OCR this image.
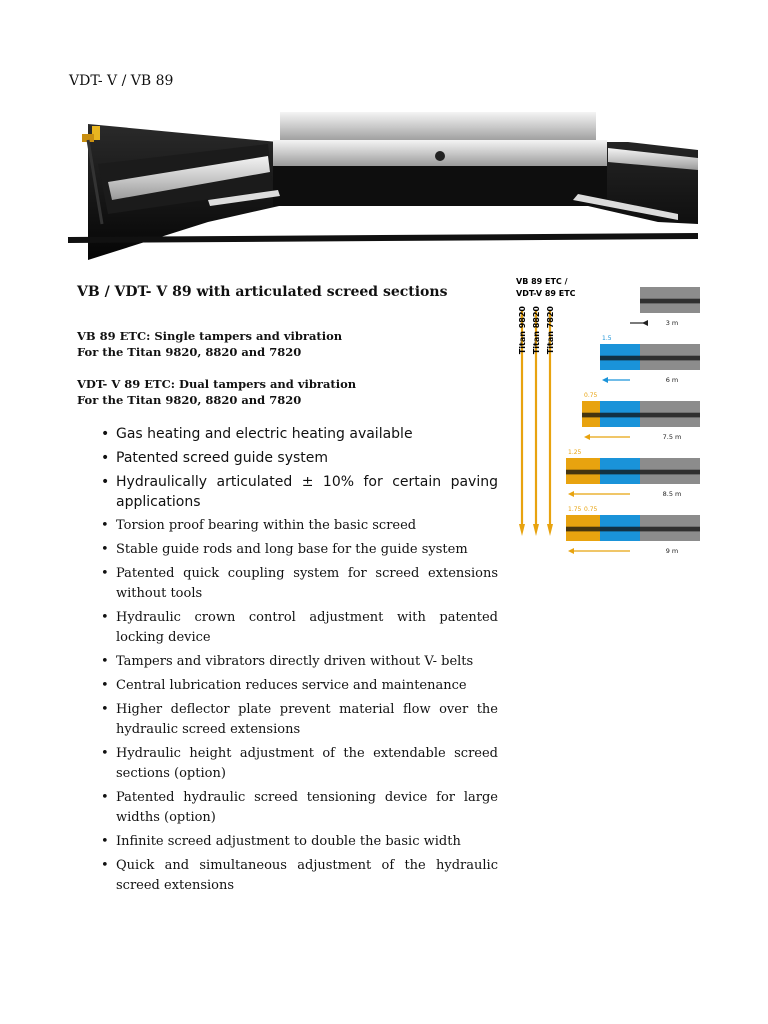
VDT- V / VB 89
VB / VDT- V 89 with articulated screed sections
VB 89 ETC: Single tampers and vibration
For the Titan 9820, 8820 and 7820
VDT- V 89 ETC: Dual tampers and vibration
For the Titan 9820, 8820 and 7820
• Gas heating and electric heating available
• Patented screed guide system
• Hydraulically articulated ± 10% for certain paving applications
• Torsion proof bearing within the basic screed
• Stable guide rods and long base for the guide system
• Patented quick coupling system for screed extensions without tools
• Hydraulic crown control adjustment with patented locking device
• Tampers and vibrators directly driven without V- belts
• Central lubrication reduces service and maintenance
• Higher deflector plate prevent material flow over the hydraulic screed extensions
• Hydraulic height adjustment of the extendable screed sections (option)
• Patented hydraulic screed tensioning device for large widths (option)
• Infinite screed adjustment to double the basic width
• Quick and simultaneous adjustment of the hydraulic screed extensions
VB 89 ETC /
VDT-V 89 ETC
Titan 9820 Titan 8820 Titan 7820	3 m
1.5
6 m
0.75
7.5 m
1.25
8.5 m
1.75 0.75
9 m
